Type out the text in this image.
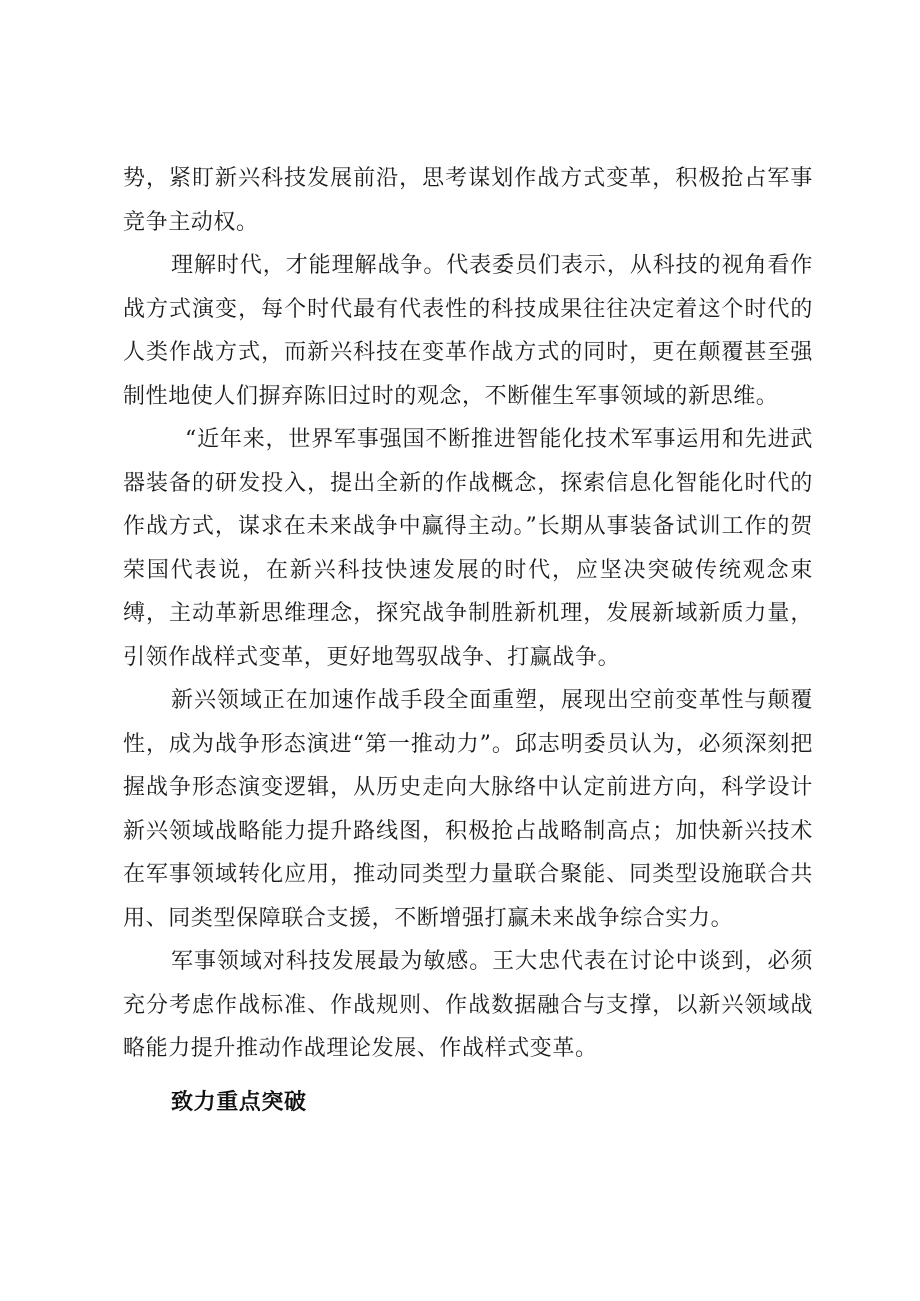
势，紧盯新兴科技发展前沿，思考谋划作战方式变革，积极抢占军事竞争主动权。

理解时代，才能理解战争。代表委员们表示，从科技的视角看作战方式演变，每个时代最有代表性的科技成果往往决定着这个时代的人类作战方式，而新兴科技在变革作战方式的同时，更在颠覆甚至强制性地使人们摒弃陈旧过时的观念，不断催生军事领域的新思维。

“近年来，世界军事强国不断推进智能化技术军事运用和先进武器装备的研发投入，提出全新的作战概念，探索信息化智能化时代的作战方式，谋求在未来战争中赢得主动。”长期从事装备试训工作的贺荣国代表说，在新兴科技快速发展的时代，应坚决突破传统观念束缚，主动革新思维理念，探究战争制胜新机理，发展新域新质力量，引领作战样式变革，更好地驾驭战争、打赢战争。

新兴领域正在加速作战手段全面重塑，展现出空前变革性与颠覆性，成为战争形态演进“第一推动力”。邱志明委员认为，必须深刻把握战争形态演变逻辑，从历史走向大脉络中认定前进方向，科学设计新兴领域战略能力提升路线图，积极抢占战略制高点；加快新兴技术在军事领域转化应用，推动同类型力量联合聚能、同类型设施联合共用、同类型保障联合支援，不断增强打赢未来战争综合实力。

军事领域对科技发展最为敏感。王大忠代表在讨论中谈到，必须充分考虑作战标准、作战规则、作战数据融合与支撑，以新兴领域战略能力提升推动作战理论发展、作战样式变革。

致力重点突破
